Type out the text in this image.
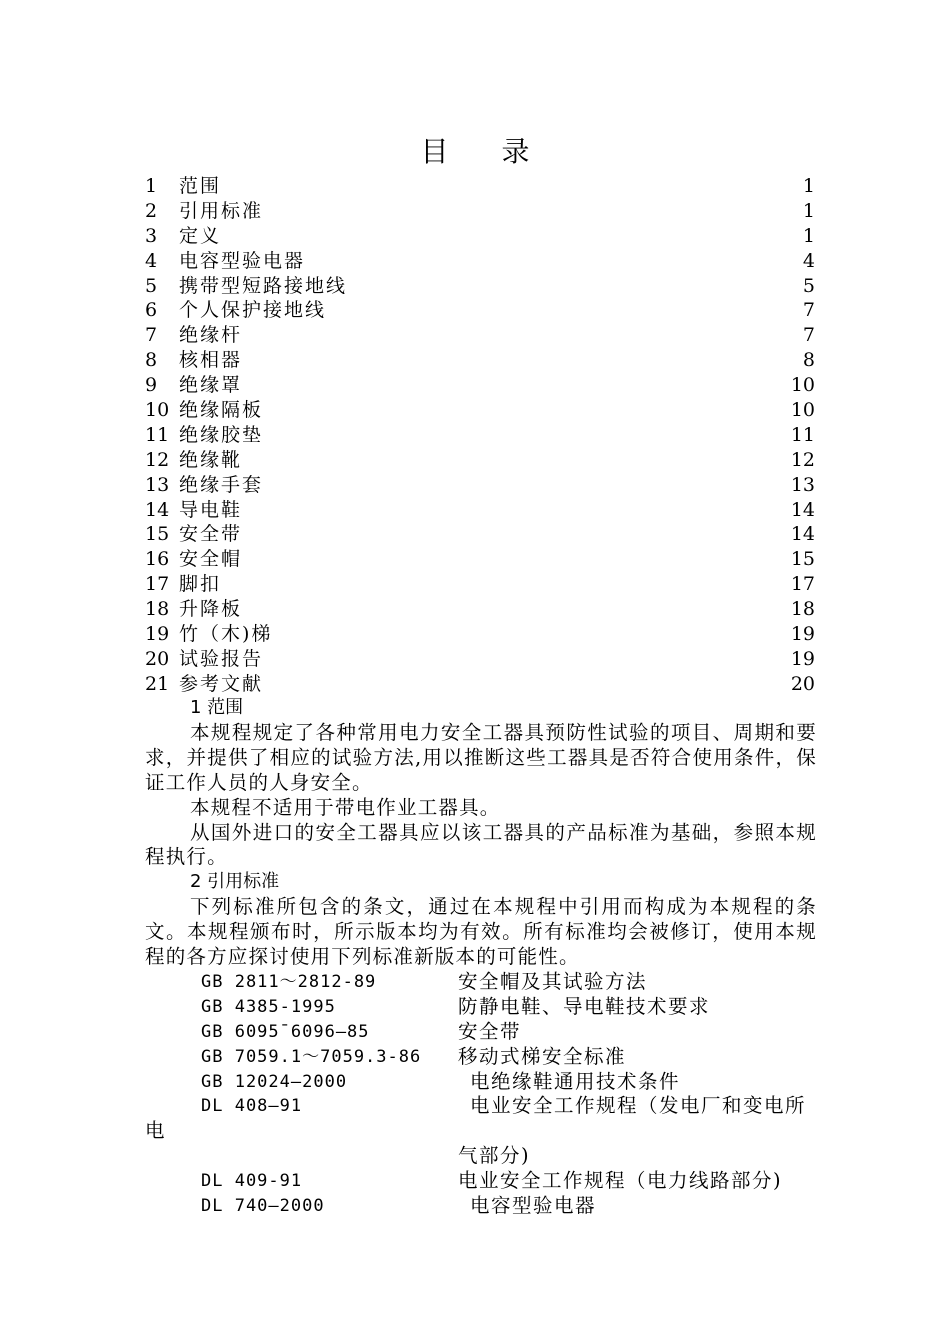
目 录
1	范围	1
2	引用标准	1
3	定义	1
4	电容型验电器	4
5	携带型短路接地线	5
6	个人保护接地线	7
7	绝缘杆	7
8	核相器	8
9	绝缘罩	10
10 绝缘隔板	10
11 绝缘胶垫	11
12 绝缘靴	12
13 绝缘手套	13
14 导电鞋	14
15 安全带	14
16 安全帽	15
17 脚扣	17
18 升降板	18
19 竹（木)梯	19
20 试验报告	19
21 参考文献	20
1 范围
本规程规定了各种常用电力安全工器具预防性试验的项目、周期和要求，并提供了相应的试验方法,用以推断这些工器具是否符合使用条件，保证工作人员的人身安全。
本规程不适用于带电作业工器具。
从国外进口的安全工器具应以该工器具的产品标准为基础，参照本规程执行。
2 引用标准
下列标准所包含的条文，通过在本规程中引用而构成为本规程的条文。本规程颁布时，所示版本均为有效。所有标准均会被修订，使用本规程的各方应探讨使用下列标准新版本的可能性。
GB 2811～2812-89	安全帽及其试验方法
GB 4385-1995	防静电鞋、导电鞋技术要求
GB 6095¯6096—85	安全带
GB 7059.1～7059.3-86	移动式梯安全标准
GB 12024—2000	电绝缘鞋通用技术条件
DL 408—91	电业安全工作规程（发电厂和变电所
电
气部分)
DL 409-91	电业安全工作规程（电力线路部分)
DL 740—2000	电容型验电器
